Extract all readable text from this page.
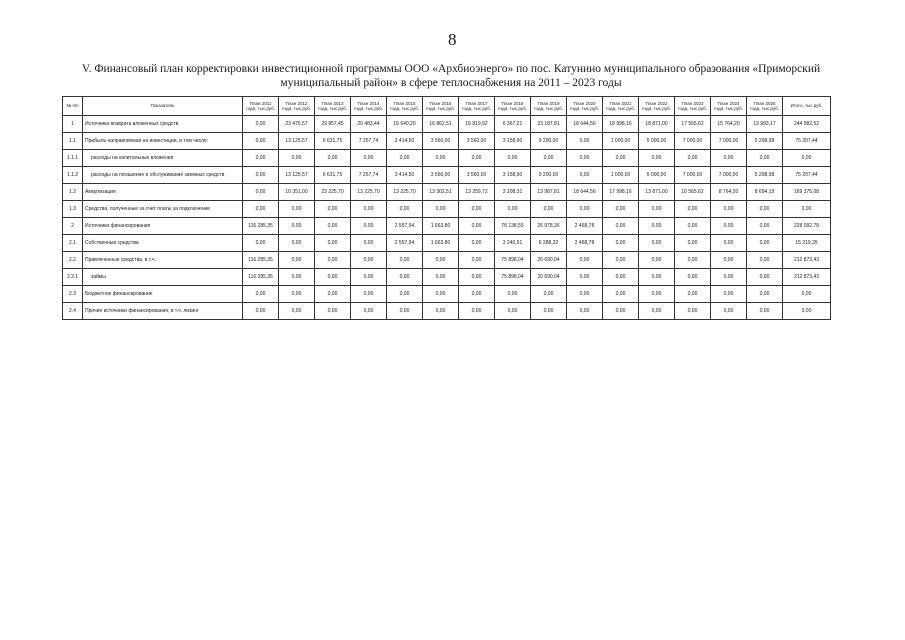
8
V. Финансовый план корректировки инвестиционной программы ООО «Архбиоэнерго» по пос. Катунино муниципального образования «Приморский
муниципальный район» в сфере теплоснабжения на 2011 – 2023 годы
№ п/п	Показатель	План 2011 годя, тыс.руб.	План 2012 года, тыс.руб.	План 2013 года, тыс.руб.	План 2014 года, тыс.руб.	План 2015 года, тыс.руб.	План 2016 года, тыс.руб.	План 2017 года, тыс.руб.	План 2018 года, тыс.руб.	План 2019 года, тыс.руб.	План 2020 года, тыс.руб.	План 2021 года, тыс.руб.	План 2022 года, тыс.руб.	План 2023 года, тыс.руб.	План 2024 года, тыс.руб.	План 2025 года, тыс.руб.	Итого, тыс.руб.
1	Источники возврата вложенных средств	0,00	23 476,57	29 857,45	20 483,44	16 640,20	16 862,51	16 819,92	6 367,21	23 187,81	18 644,56	18 998,16	18 871,00	17 565,62	15 764,20	13 993,17	244 582,52
1.1	Прибыль направляемая на инвестиции, в том числе:	0,00	13 125,57	6 631,75	7 257,74	3 414,50	3 560,00	3 560,00	3 158,90	9 200,00	0,00	1 000,00	5 000,00	7 000,00	7 000,00	5 298,98	75 207,44
1.1.1	расходы на капитальные вложения	0,00	0,00	0,00	0,00	0,00	0,00	0,00	0,00	0,00	0,00	0,00	0,00	0,00	0,00	0,00	0,00
1.1.2	расходы на погашение и обслуживание заемных средств	0,00	13 125,57	6 631,75	7 257,74	3 414,50	3 560,00	3 560,00	3 158,90	9 200,00	0,00	1 000,00	5 000,00	7 000,00	7 000,00	5 298,98	75 207,44
1.2	Амортизация	0,00	10 351,00	23 225,70	13 225,70	13 225,70	13 302,51	13 259,72	3 208,31	13 987,81	18 644,56	17 998,16	13 871,00	10 565,62	8 764,20	8 694,19	169 375,08
1.3	Средства, полученные за счет платы за подключение	0,00	0,00	0,00	0,00	0,00	0,00	0,00	0,00	0,00	0,00	0,00	0,00	0,00	0,00	0,00	0,00
2	Источники финансирования	116 285,35	0,00	0,00	0,00	2 557,94	1 663,80	0,00	78 138,55	26 978,36	2 468,78	0,00	0,00	0,00	0,00	0,00	228 092,78
2.1	Собственные средства	0,00	0,00	0,00	0,00	2 557,94	1 663,80	0,00	3 240,51	6 288,32	2 468,78	0,00	0,00	0,00	0,00	0,00	15 219,35
2.2	Привлеченные средства, в т.ч.:	116 285,35	0,00	0,00	0,00	0,00	0,00	0,00	75 898,04	20 690,04	0,00	0,00	0,00	0,00	0,00	0,00	212 873,43
2.2.1	займы	116 285,35	0,00	0,00	0,00	0,00	0,00	0,00	75 898,04	20 690,04	0,00	0,00	0,00	0,00	0,00	0,00	212 873,43
2.3	Бюджетное финансирование	0,00	0,00	0,00	0,00	0,00	0,00	0,00	0,00	0,00	0,00	0,00	0,00	0,00	0,00	0,00	0,00
2.4	Прочие источники финансирования, в т.ч. лизинг	0,00	0,00	0,00	0,00	0,00	0,00	0,00	0,00	0,00	0,00	0,00	0,00	0,00	0,00	0,00	0,00
